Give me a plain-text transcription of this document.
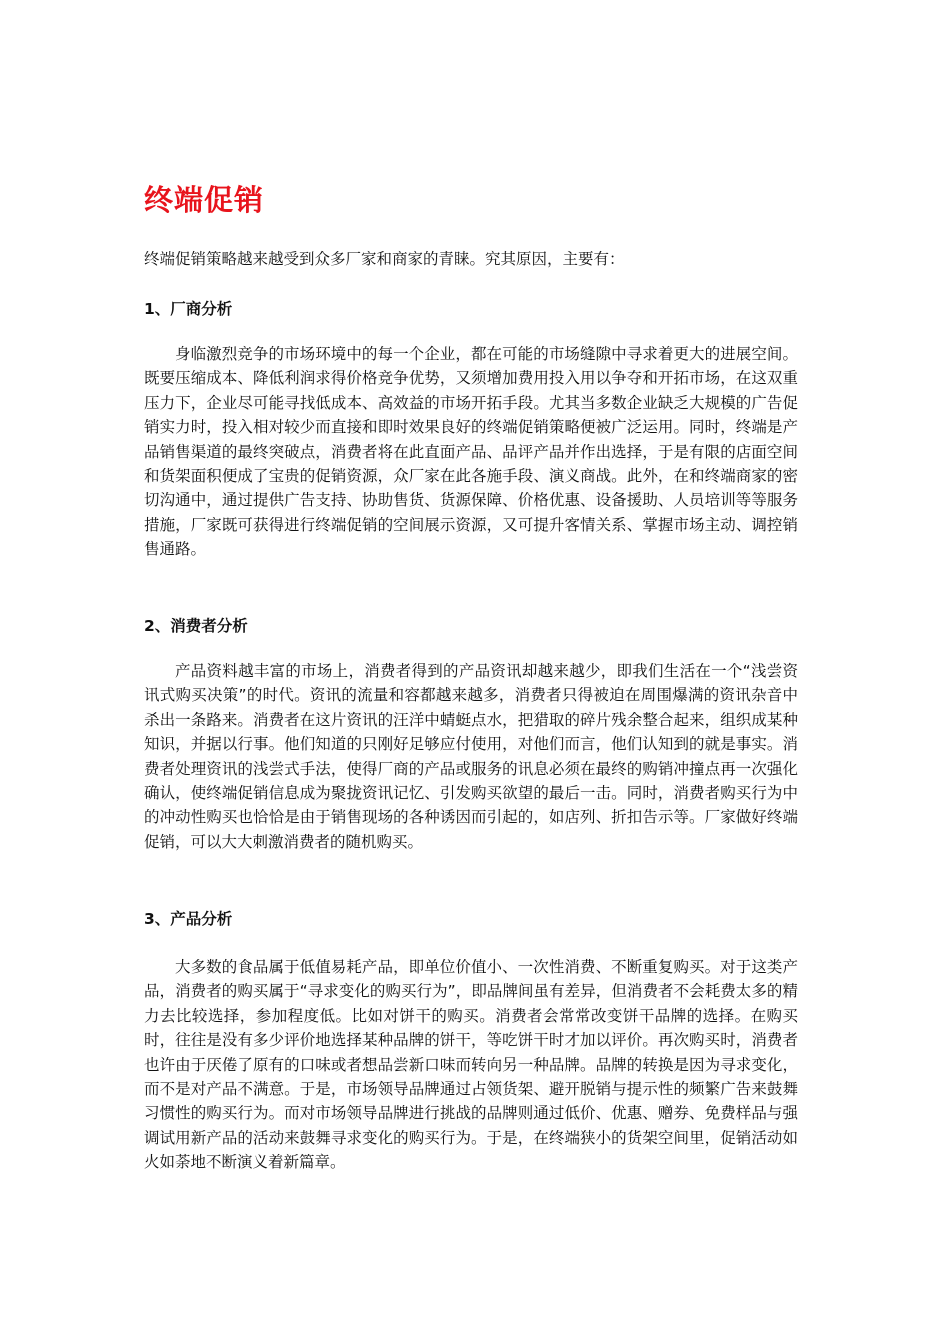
终端促销

终端促销策略越来越受到众多厂家和商家的青睐。究其原因，主要有：

1、厂商分析

身临激烈竞争的市场环境中的每一个企业，都在可能的市场缝隙中寻求着更大的进展空间。既要压缩成本、降低利润求得价格竞争优势，又须增加费用投入用以争夺和开拓市场，在这双重压力下，企业尽可能寻找低成本、高效益的市场开拓手段。尤其当多数企业缺乏大规模的广告促销实力时，投入相对较少而直接和即时效果良好的终端促销策略便被广泛运用。同时，终端是产品销售渠道的最终突破点，消费者将在此直面产品、品评产品并作出选择，于是有限的店面空间和货架面积便成了宝贵的促销资源，众厂家在此各施手段、演义商战。此外，在和终端商家的密切沟通中，通过提供广告支持、协助售货、货源保障、价格优惠、设备援助、人员培训等等服务措施，厂家既可获得进行终端促销的空间展示资源，又可提升客情关系、掌握市场主动、调控销售通路。

2、消费者分析

产品资料越丰富的市场上，消费者得到的产品资讯却越来越少，即我们生活在一个“浅尝资讯式购买决策”的时代。资讯的流量和容都越来越多，消费者只得被迫在周围爆满的资讯杂音中杀出一条路来。消费者在这片资讯的汪洋中蜻蜓点水，把猎取的碎片残余整合起来，组织成某种知识，并据以行事。他们知道的只刚好足够应付使用，对他们而言，他们认知到的就是事实。消费者处理资讯的浅尝式手法，使得厂商的产品或服务的讯息必须在最终的购销冲撞点再一次强化确认，使终端促销信息成为聚拢资讯记忆、引发购买欲望的最后一击。同时，消费者购买行为中的冲动性购买也恰恰是由于销售现场的各种诱因而引起的，如店列、折扣告示等。厂家做好终端促销，可以大大刺激消费者的随机购买。

3、产品分析

大多数的食品属于低值易耗产品，即单位价值小、一次性消费、不断重复购买。对于这类产品，消费者的购买属于“寻求变化的购买行为”，即品牌间虽有差异，但消费者不会耗费太多的精力去比较选择，参加程度低。比如对饼干的购买。消费者会常常改变饼干品牌的选择。在购买时，往往是没有多少评价地选择某种品牌的饼干，等吃饼干时才加以评价。再次购买时，消费者也许由于厌倦了原有的口味或者想品尝新口味而转向另一种品牌。品牌的转换是因为寻求变化，而不是对产品不满意。于是，市场领导品牌通过占领货架、避开脱销与提示性的频繁广告来鼓舞习惯性的购买行为。而对市场领导品牌进行挑战的品牌则通过低价、优惠、赠券、免费样品与强调试用新产品的活动来鼓舞寻求变化的购买行为。于是，在终端狭小的货架空间里，促销活动如火如荼地不断演义着新篇章。
